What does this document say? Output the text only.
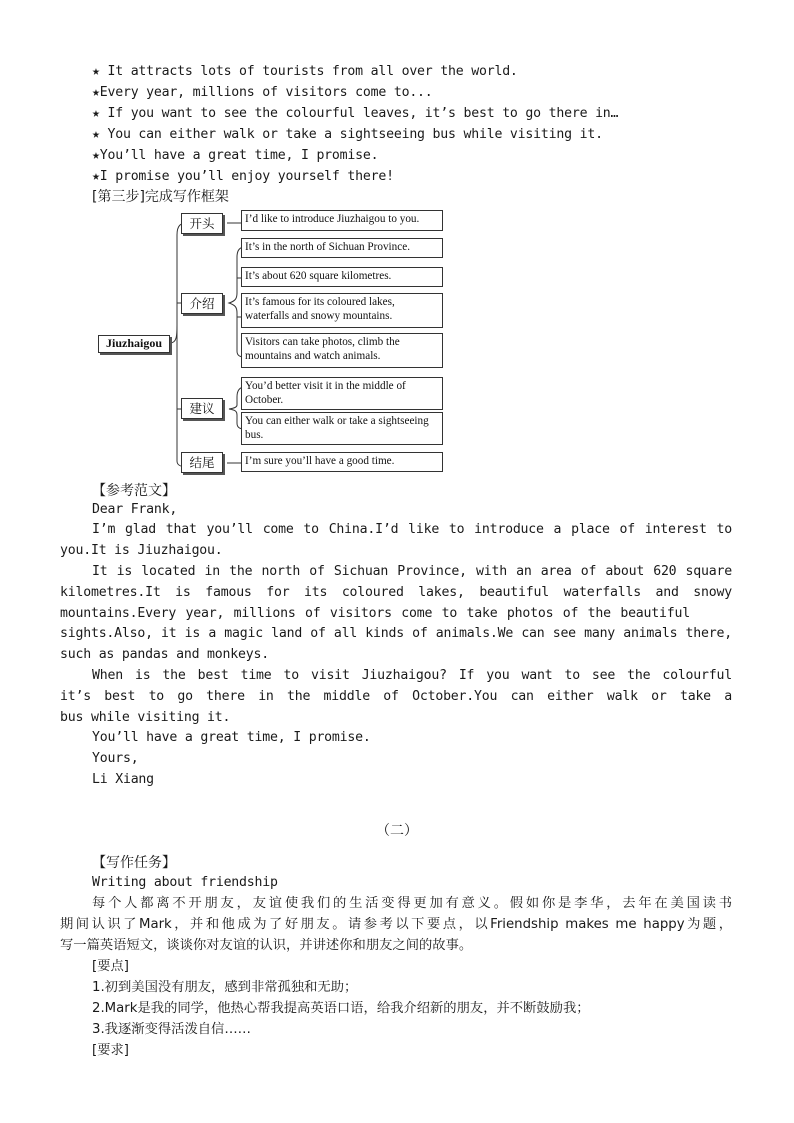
★ It attracts lots of tourists from all over the world.
★Every year, millions of visitors come to...
★ If you want to see the colourful leaves, it’s best to go there in…
★ You can either walk or take a sightseeing bus while visiting it.
★You’ll have a great time, I promise.
★I promise you’ll enjoy yourself there!
[第三步]完成写作框架
Jiuzhaigou
开头
介绍
建议
结尾
I’d like to introduce Jiuzhaigou to you.
It’s in the north of Sichuan Province.
It’s about 620 square kilometres.
It’s famous for its coloured lakes, waterfalls and snowy mountains.
Visitors can take photos, climb the mountains and watch animals.
You’d better visit it in the middle of October.
You can either walk or take a sightseeing bus.
I’m sure you’ll have a good time.
【参考范文】
Dear Frank,
I’m glad that you’ll come to China.I’d like to introduce a place of interest to
you.It is Jiuzhaigou.
It is located in the north of Sichuan Province, with an area of about 620 square
kilometres.It is famous for its coloured lakes, beautiful waterfalls and snowy
mountains.Every year, millions of visitors come to take photos of the beautiful
sights.Also, it is a magic land of all kinds of animals.We can see many animals there,
such as pandas and monkeys.
When is the best time to visit Jiuzhaigou? If you want to see the colourful
it’s best to go there in the middle of October.You can either walk or take a
bus while visiting it.
You’ll have a great time, I promise.
Yours,
Li Xiang
（二）
【写作任务】
Writing about friendship
每个人都离不开朋友，友谊使我们的生活变得更加有意义。假如你是李华，去年在美国读书
期间认识了Mark，并和他成为了好朋友。请参考以下要点，以Friendship makes me happy为题，
写一篇英语短文，谈谈你对友谊的认识，并讲述你和朋友之间的故事。
[要点]
1.初到美国没有朋友，感到非常孤独和无助；
2.Mark是我的同学，他热心帮我提高英语口语，给我介绍新的朋友，并不断鼓励我；
3.我逐渐变得活泼自信……
[要求]
